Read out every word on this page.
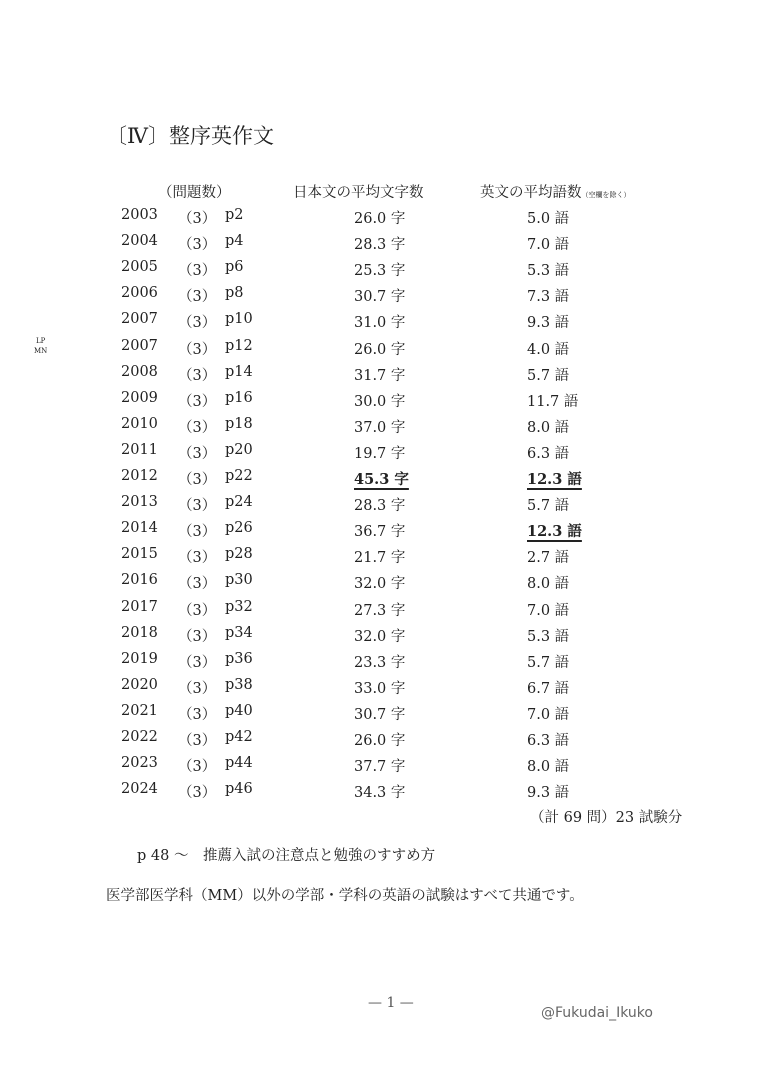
〔Ⅳ〕整序英作文
（問題数）	日本文の平均文字数	英文の平均語数（空欄を除く）
2003 （3） p2	26.0 字	5.0 語
2004 （3） p4	28.3 字	7.0 語
2005 （3） p6	25.3 字	5.3 語
2006 （3） p8	30.7 字	7.3 語
2007 （3） p10	31.0 字	9.3 語
2007 （3） p12	26.0 字	4.0 語
LP
MN
2008 （3） p14	31.7 字	5.7 語
2009 （3） p16	30.0 字	11.7 語
2010 （3） p18	37.0 字	8.0 語
2011 （3） p20	19.7 字	6.3 語
2012 （3） p22	45.3 字	12.3 語
2013 （3） p24	28.3 字	5.7 語
2014 （3） p26	36.7 字	12.3 語
2015 （3） p28	21.7 字	2.7 語
2016 （3） p30	32.0 字	8.0 語
2017 （3） p32	27.3 字	7.0 語
2018 （3） p34	32.0 字	5.3 語
2019 （3） p36	23.3 字	5.7 語
2020 （3） p38	33.0 字	6.7 語
2021 （3） p40	30.7 字	7.0 語
2022 （3） p42	26.0 字	6.3 語
2023 （3） p44	37.7 字	8.0 語
2024 （3） p46	34.3 字	9.3 語
（計 69 問）23 試験分
p 48 〜　推薦入試の注意点と勉強のすすめ方
医学部医学科（MM）以外の学部・学科の英語の試験はすべて共通です。
— 1 —
@Fukudai_Ikuko
